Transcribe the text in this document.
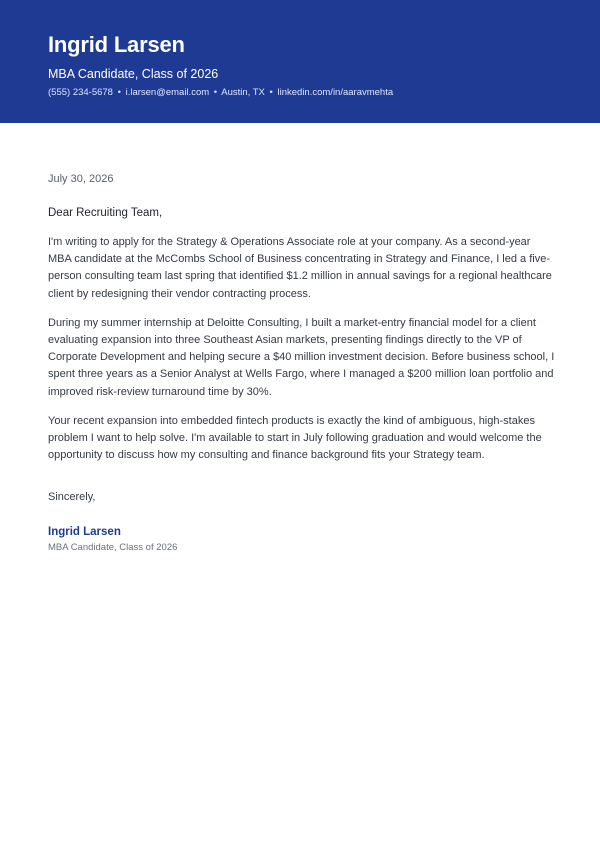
Ingrid Larsen
MBA Candidate, Class of 2026
(555) 234-5678 • i.larsen@email.com • Austin, TX • linkedin.com/in/aaravmehta
July 30, 2026
Dear Recruiting Team,

I'm writing to apply for the Strategy & Operations Associate role at your company. As a second-year MBA candidate at the McCombs School of Business concentrating in Strategy and Finance, I led a five-person consulting team last spring that identified $1.2 million in annual savings for a regional healthcare client by redesigning their vendor contracting process.

During my summer internship at Deloitte Consulting, I built a market-entry financial model for a client evaluating expansion into three Southeast Asian markets, presenting findings directly to the VP of Corporate Development and helping secure a $40 million investment decision. Before business school, I spent three years as a Senior Analyst at Wells Fargo, where I managed a $200 million loan portfolio and improved risk-review turnaround time by 30%.

Your recent expansion into embedded fintech products is exactly the kind of ambiguous, high-stakes problem I want to help solve. I'm available to start in July following graduation and would welcome the opportunity to discuss how my consulting and finance background fits your Strategy team.

Sincerely,
Ingrid Larsen
MBA Candidate, Class of 2026
